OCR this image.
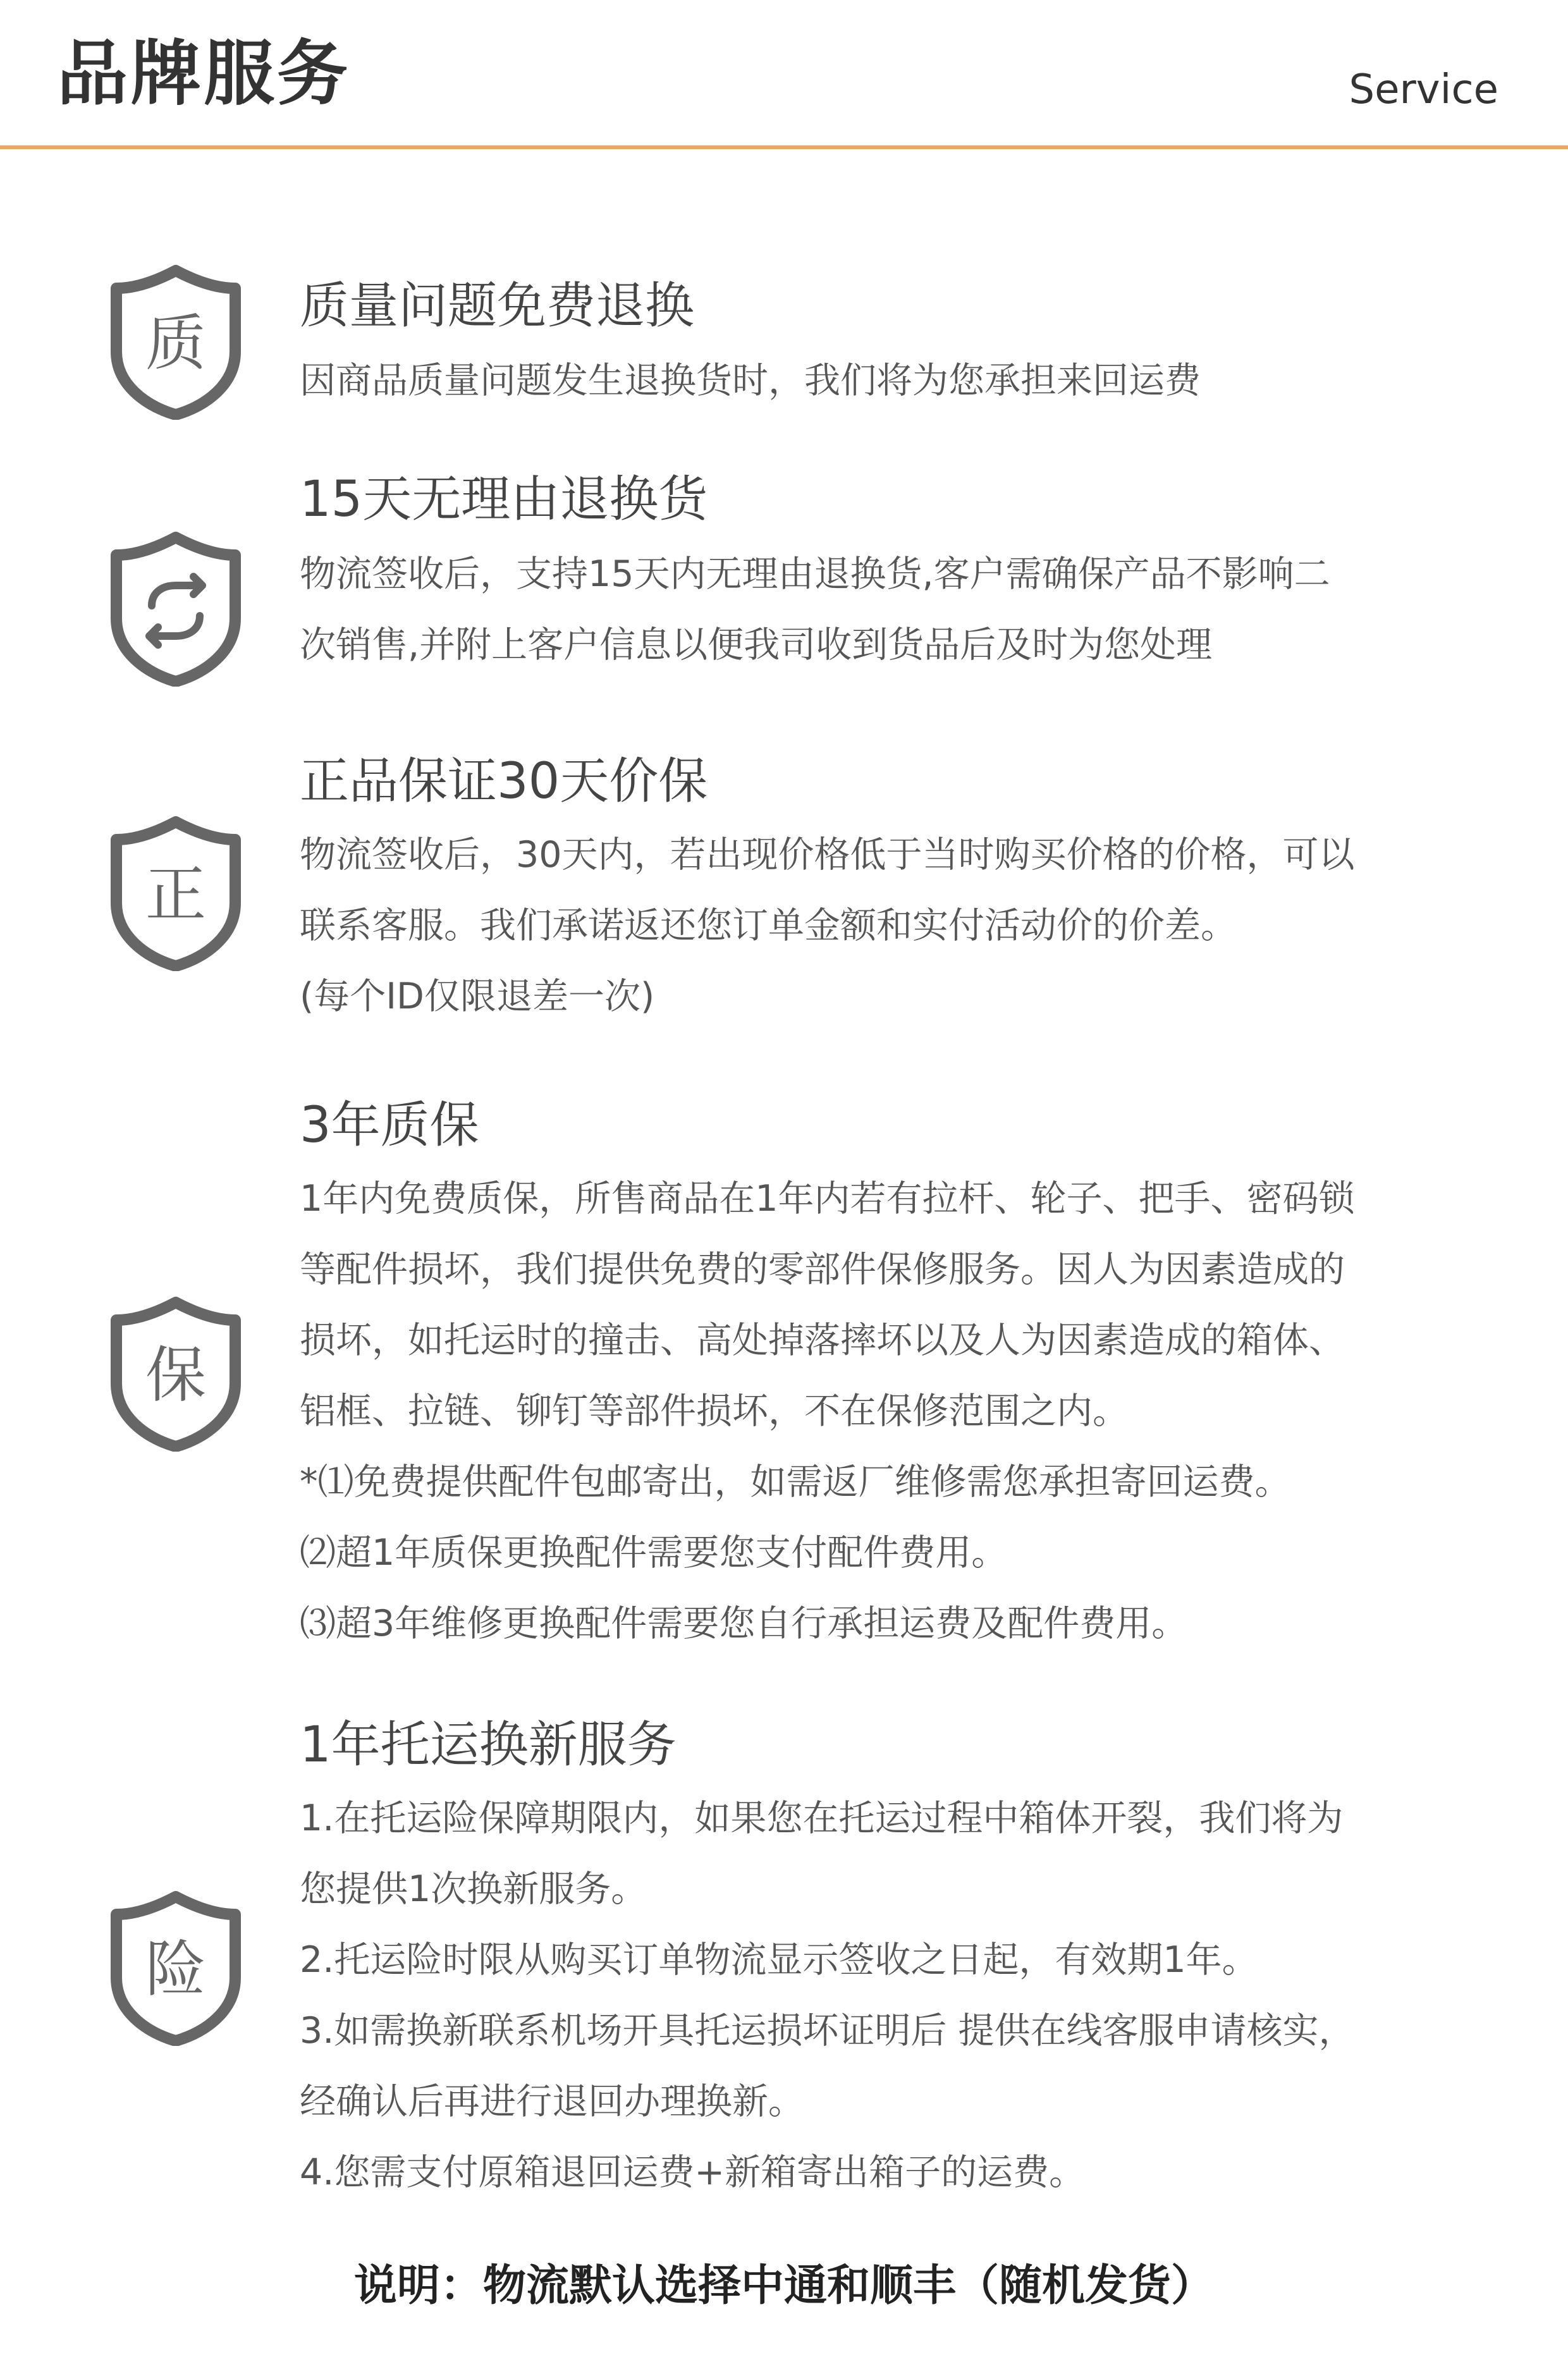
品牌服务	Service
质
质量问题免费退换
因商品质量问题发生退换货时，我们将为您承担来回运费
15天无理由退换货
物流签收后，支持15天内无理由退换货,客户需确保产品不影响二
次销售,并附上客户信息以便我司收到货品后及时为您处理
正
正品保证30天价保
物流签收后，30天内，若出现价格低于当时购买价格的价格，可以
联系客服。我们承诺返还您订单金额和实付活动价的价差。
(每个ID仅限退差一次)
保
3年质保
1年内免费质保，所售商品在1年内若有拉杆、轮子、把手、密码锁
等配件损坏，我们提供免费的零部件保修服务。因人为因素造成的
损坏，如托运时的撞击、高处掉落摔坏以及人为因素造成的箱体、
铝框、拉链、铆钉等部件损坏，不在保修范围之内。
*⑴免费提供配件包邮寄出，如需返厂维修需您承担寄回运费。
⑵超1年质保更换配件需要您支付配件费用。
⑶超3年维修更换配件需要您自行承担运费及配件费用。
险
1年托运换新服务
1.在托运险保障期限内，如果您在托运过程中箱体开裂，我们将为
您提供1次换新服务。
2.托运险时限从购买订单物流显示签收之日起，有效期1年。
3.如需换新联系机场开具托运损坏证明后 提供在线客服申请核实，
经确认后再进行退回办理换新。
4.您需支付原箱退回运费+新箱寄出箱子的运费。
说明：物流默认选择中通和顺丰（随机发货）
